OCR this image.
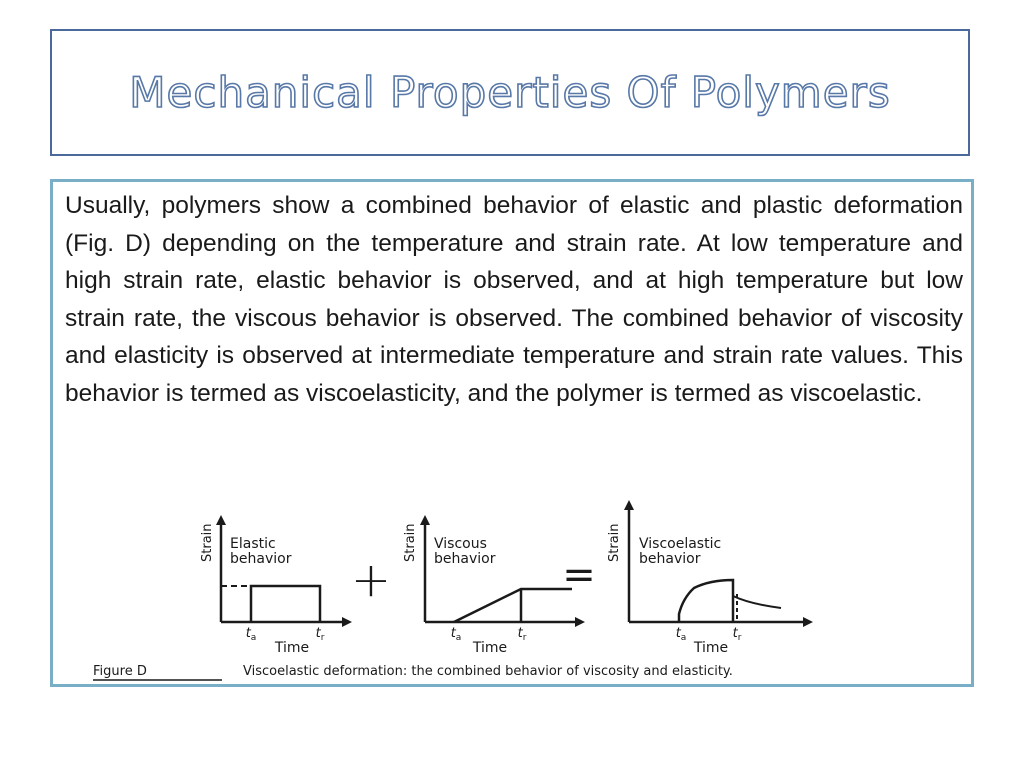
Mechanical Properties Of Polymers

Usually, polymers show a combined behavior of elastic and plastic deformation (Fig. D) depending on the temperature and strain rate. At low temperature and high strain rate, elastic behavior is observed, and at high temperature but low strain rate, the viscous behavior is observed. The combined behavior of viscosity and elasticity is observed at intermediate temperature and strain rate values. This behavior is termed as viscoelasticity, and the polymer is termed as viscoelastic.

Strain Elastic
behavior
$t_a$	$t_r$
Time
+
Strain Viscous
behavior
$t_a$	$t_r$
Time
=
Strain Viscoelastic
behavior
$t_a$	$t_r$
Time
Figure D	Viscoelastic deformation: the combined behavior of viscosity and elasticity.
